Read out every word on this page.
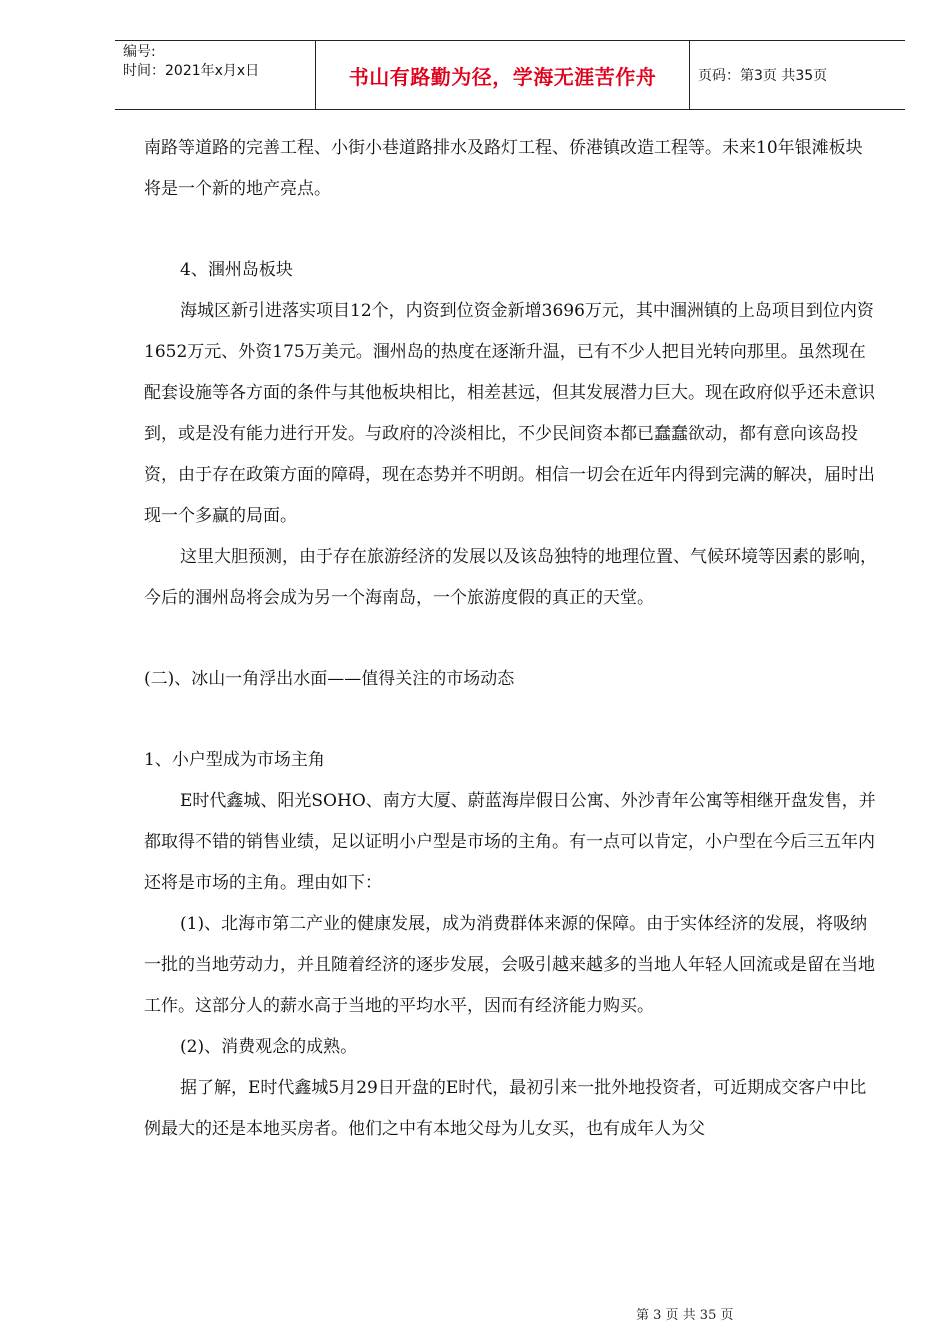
编号:
时间：2021年x月x日	书山有路勤为径，学海无涯苦作舟	页码：第3页 共35页

南路等道路的完善工程、小街小巷道路排水及路灯工程、侨港镇改造工程等。未来10年银滩板块将是一个新的地产亮点。

4、涠州岛板块

海城区新引进落实项目12个，内资到位资金新增3696万元，其中涠洲镇的上岛项目到位内资1652万元、外资175万美元。涠州岛的热度在逐渐升温，已有不少人把目光转向那里。虽然现在配套设施等各方面的条件与其他板块相比，相差甚远，但其发展潜力巨大。现在政府似乎还未意识到，或是没有能力进行开发。与政府的冷淡相比，不少民间资本都已蠢蠢欲动，都有意向该岛投资，由于存在政策方面的障碍，现在态势并不明朗。相信一切会在近年内得到完满的解决，届时出现一个多赢的局面。

这里大胆预测，由于存在旅游经济的发展以及该岛独特的地理位置、气候环境等因素的影响，今后的涠州岛将会成为另一个海南岛，一个旅游度假的真正的天堂。

(二)、冰山一角浮出水面——值得关注的市场动态

1、小户型成为市场主角

E时代鑫城、阳光SOHO、南方大厦、蔚蓝海岸假日公寓、外沙青年公寓等相继开盘发售，并都取得不错的销售业绩，足以证明小户型是市场的主角。有一点可以肯定，小户型在今后三五年内还将是市场的主角。理由如下：

(1)、北海市第二产业的健康发展，成为消费群体来源的保障。由于实体经济的发展，将吸纳一批的当地劳动力，并且随着经济的逐步发展，会吸引越来越多的当地人年轻人回流或是留在当地工作。这部分人的薪水高于当地的平均水平，因而有经济能力购买。

(2)、消费观念的成熟。

据了解，E时代鑫城5月29日开盘的E时代，最初引来一批外地投资者，可近期成交客户中比例最大的还是本地买房者。他们之中有本地父母为儿女买，也有成年人为父

第 3 页 共 35 页
